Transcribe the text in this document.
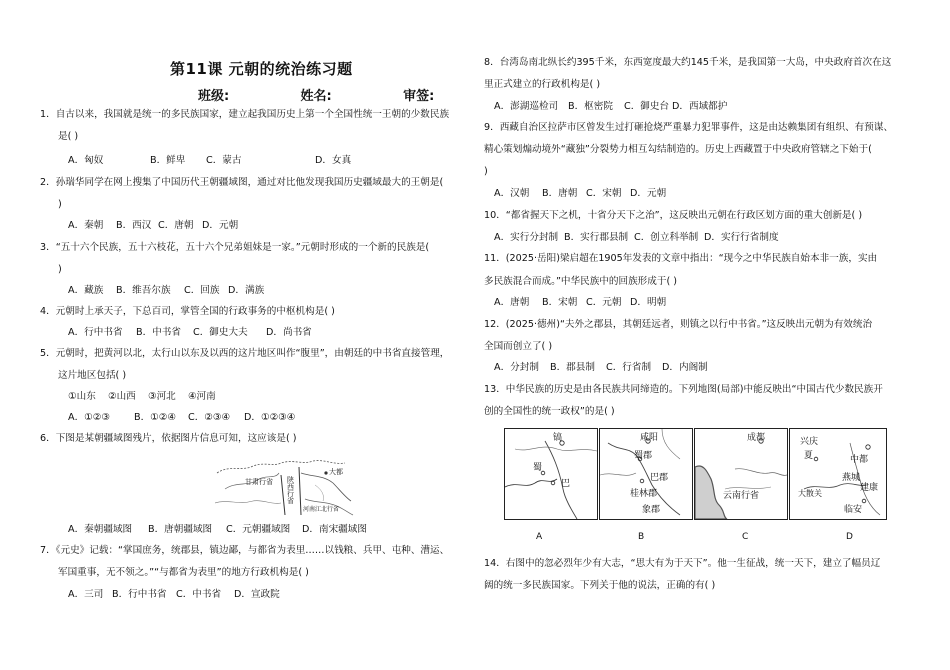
第11课 元朝的统治练习题
班级:	姓名:	审签:
1．自古以来，我国就是统一的多民族国家，建立起我国历史上第一个全国性统一王朝的少数民族
是( )
A．匈奴	B．鲜卑 C．蒙古	D．女真
2．孙瑞华同学在网上搜集了中国历代王朝疆域图，通过对比他发现我国历史疆域最大的王朝是(
)
A．秦朝 B．西汉 C．唐朝 D．元朝
3．“五十六个民族，五十六枝花，五十六个兄弟姐妹是一家。”元朝时形成的一个新的民族是(
)
A．藏族 B．维吾尔族 C．回族 D．满族
4．元朝时上承天子，下总百司，掌管全国的行政事务的中枢机构是( )
A．行中书省 B．中书省 C．御史大夫 D．尚书省
5．元朝时，把黄河以北，太行山以东及以西的这片地区叫作“腹里”，由朝廷的中书省直接管理，
这片地区包括( )
①山东    ②山西    ③河北    ④河南
A．①②③	B．①②④ C．②③④ D．①②③④
6．下图是某朝疆域图残片，依据图片信息可知，这应该是( )
甘肃行省 陕西行省
大都
河南江北行省
A．秦朝疆域图 B．唐朝疆域图 C．元朝疆域图 D．南宋疆域图
7．《元史》记载：“掌国庶务，统郡县，镇边鄙，与都省为表里……以钱粮、兵甲、屯种、漕运、
军国重事，无不领之。”“与都省为表里”的地方行政机构是( )
A．三司 B．行中书省 C．中书省 D．宣政院
8．台湾岛南北纵长约395千米，东西宽度最大约145千米，是我国第一大岛，中央政府首次在这
里正式建立的行政机构是( )
A．澎湖巡检司 B．枢密院 C．御史台 D．西域都护
9．西藏自治区拉萨市区曾发生过打砸抢烧严重暴力犯罪事件，这是由达赖集团有组织、有预谋、
精心策划煽动境外“藏独”分裂势力相互勾结制造的。历史上西藏置于中央政府管辖之下始于(
)
A．汉朝 B．唐朝 C．宋朝 D．元朝
10．“都省握天下之机，十省分天下之治”，这反映出元朝在行政区划方面的重大创新是( )
A．实行分封制 B．实行郡县制 C．创立科举制 D．实行行省制度
11．(2025·岳阳)梁启超在1905年发表的文章中指出：“现今之中华民族自始本非一族，实由
多民族混合而成。”中华民族中的回族形成于( )
A．唐朝 B．宋朝 C．元朝 D．明朝
12．(2025·德州)“夫外之郡县，其朝廷远者，则镇之以行中书省。”这反映出元朝为有效统治
全国而创立了( )
A．分封制 B．郡县制 C．行省制 D．内阁制
13．中华民族的历史是由各民族共同缔造的。下列地图(局部)中能反映出“中国古代少数民族开
创的全国性的统一政权”的是( )
镐
蜀
巴
咸阳
蜀郡
巴郡
桂林郡
象郡
成都
云南行省
兴庆
夏	中都
大散关
燕城
建康
临安
A	B	C	D
14．右图中的忽必烈年少有大志，“思大有为于天下”。他一生征战，统一天下，建立了幅员辽
阔的统一多民族国家。下列关于他的说法，正确的有( )
